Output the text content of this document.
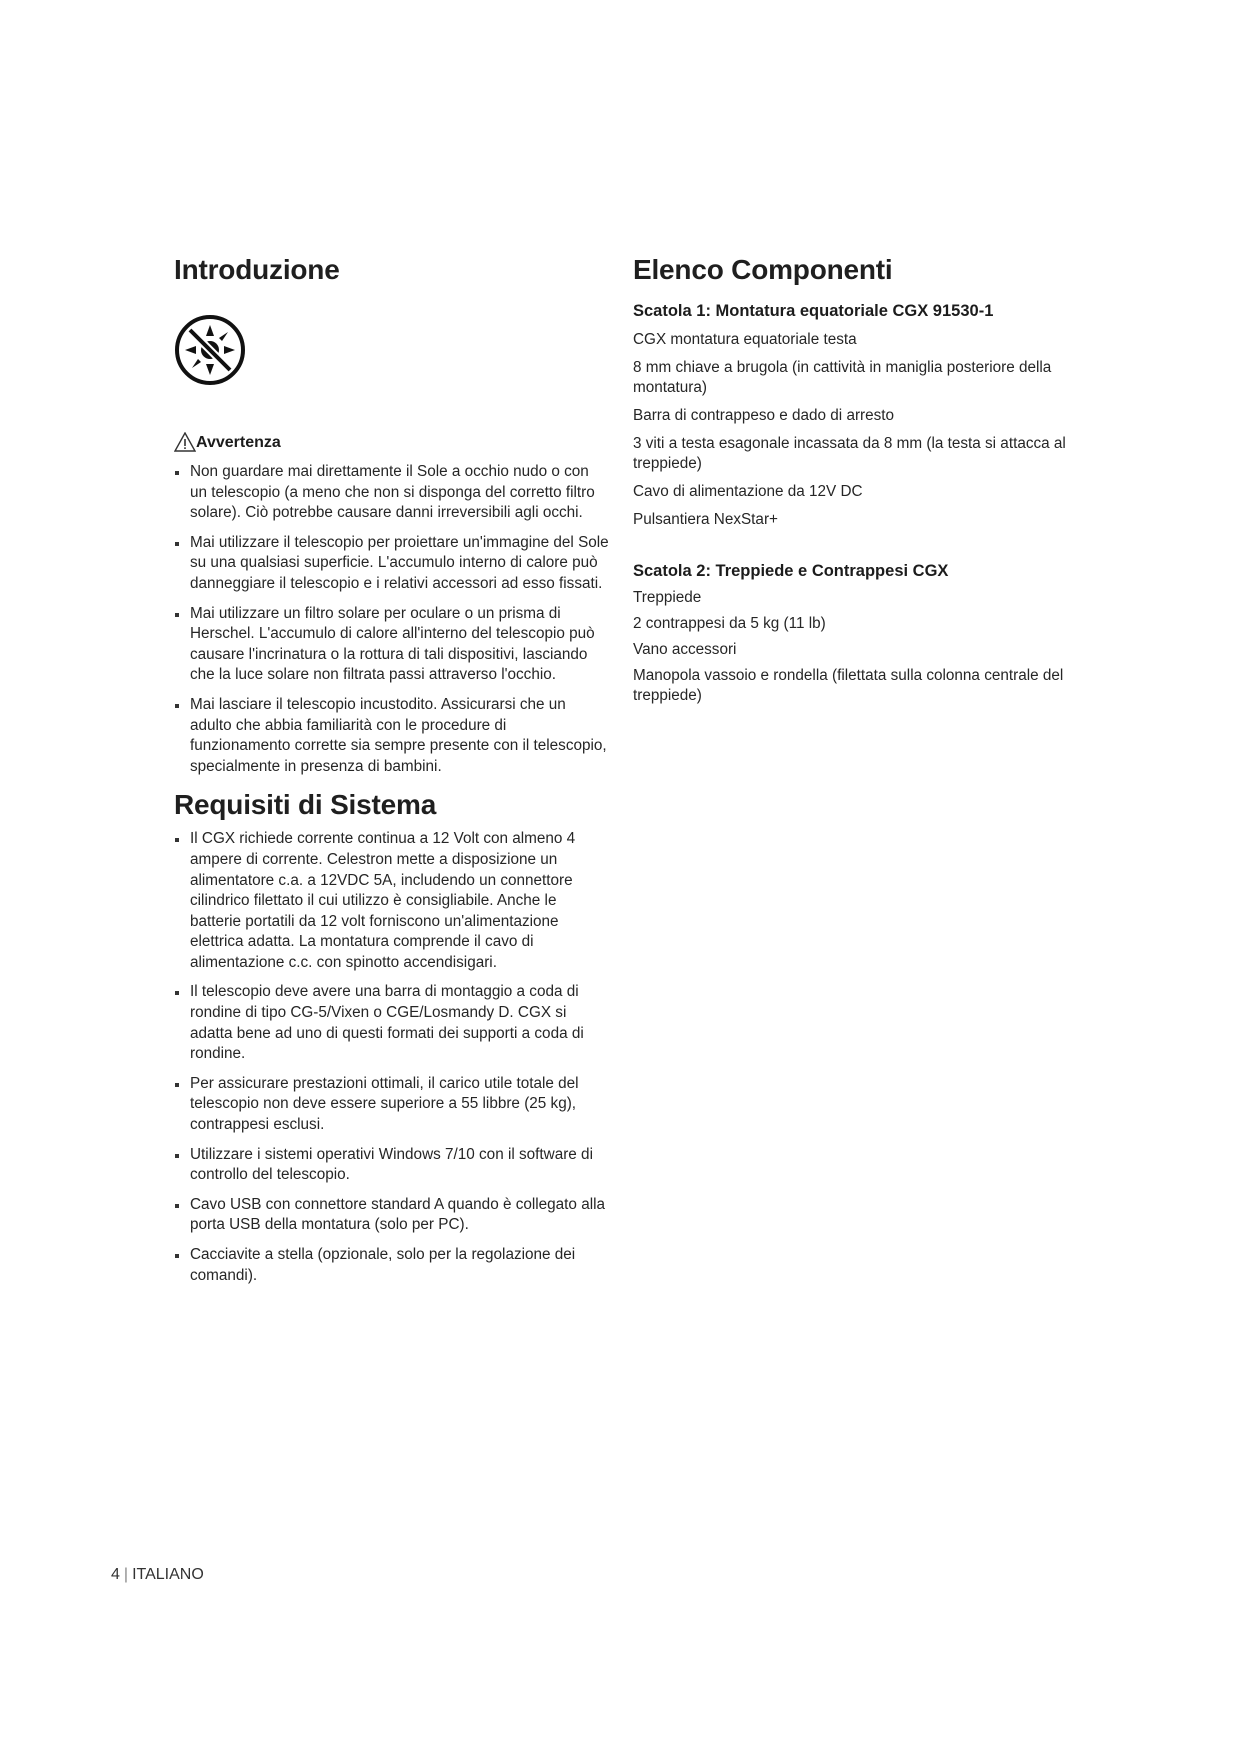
Introduzione
Avvertenza
Non guardare mai direttamente il Sole a occhio nudo o con un telescopio (a meno che non si disponga del corretto filtro solare). Ciò potrebbe causare danni irreversibili agli occhi.
Mai utilizzare il telescopio per proiettare un'immagine del Sole su una qualsiasi superficie. L'accumulo interno di calore può danneggiare il telescopio e i relativi accessori ad esso fissati.
Mai utilizzare un filtro solare per oculare o un prisma di Herschel. L'accumulo di calore all'interno del telescopio può causare l'incrinatura o la rottura di tali dispositivi, lasciando che la luce solare non filtrata passi attraverso l'occhio.
Mai lasciare il telescopio incustodito. Assicurarsi che un adulto che abbia familiarità con le procedure di funzionamento corrette sia sempre presente con il telescopio, specialmente in presenza di bambini.
Requisiti di Sistema
Il CGX richiede corrente continua a 12 Volt con almeno 4 ampere di corrente. Celestron mette a disposizione un alimentatore c.a. a 12VDC 5A, includendo un connettore cilindrico filettato il cui utilizzo è consigliabile. Anche le batterie portatili da 12 volt forniscono un'alimentazione elettrica adatta. La montatura comprende il cavo di alimentazione c.c. con spinotto accendisigari.
Il telescopio deve avere una barra di montaggio a coda di rondine di tipo CG-5/Vixen o CGE/Losmandy D. CGX si adatta bene ad uno di questi formati dei supporti a coda di rondine.
Per assicurare prestazioni ottimali, il carico utile totale del telescopio non deve essere superiore a 55 libbre (25 kg), contrappesi esclusi.
Utilizzare i sistemi operativi Windows 7/10 con il software di controllo del telescopio.
Cavo USB con connettore standard A quando è collegato alla porta USB della montatura (solo per PC).
Cacciavite a stella (opzionale, solo per la regolazione dei comandi).
Elenco Componenti
Scatola 1: Montatura equatoriale CGX 91530-1
CGX montatura equatoriale testa
8 mm chiave a brugola (in cattività in maniglia posteriore della montatura)
Barra di contrappeso e dado di arresto
3 viti a testa esagonale incassata da 8 mm (la testa si attacca al treppiede)
Cavo di alimentazione da 12V DC
Pulsantiera NexStar+
Scatola 2: Treppiede e Contrappesi CGX
Treppiede
2 contrappesi da 5 kg (11 lb)
Vano accessori
Manopola vassoio e rondella (filettata sulla colonna centrale del treppiede)
4 | ITALIANO
